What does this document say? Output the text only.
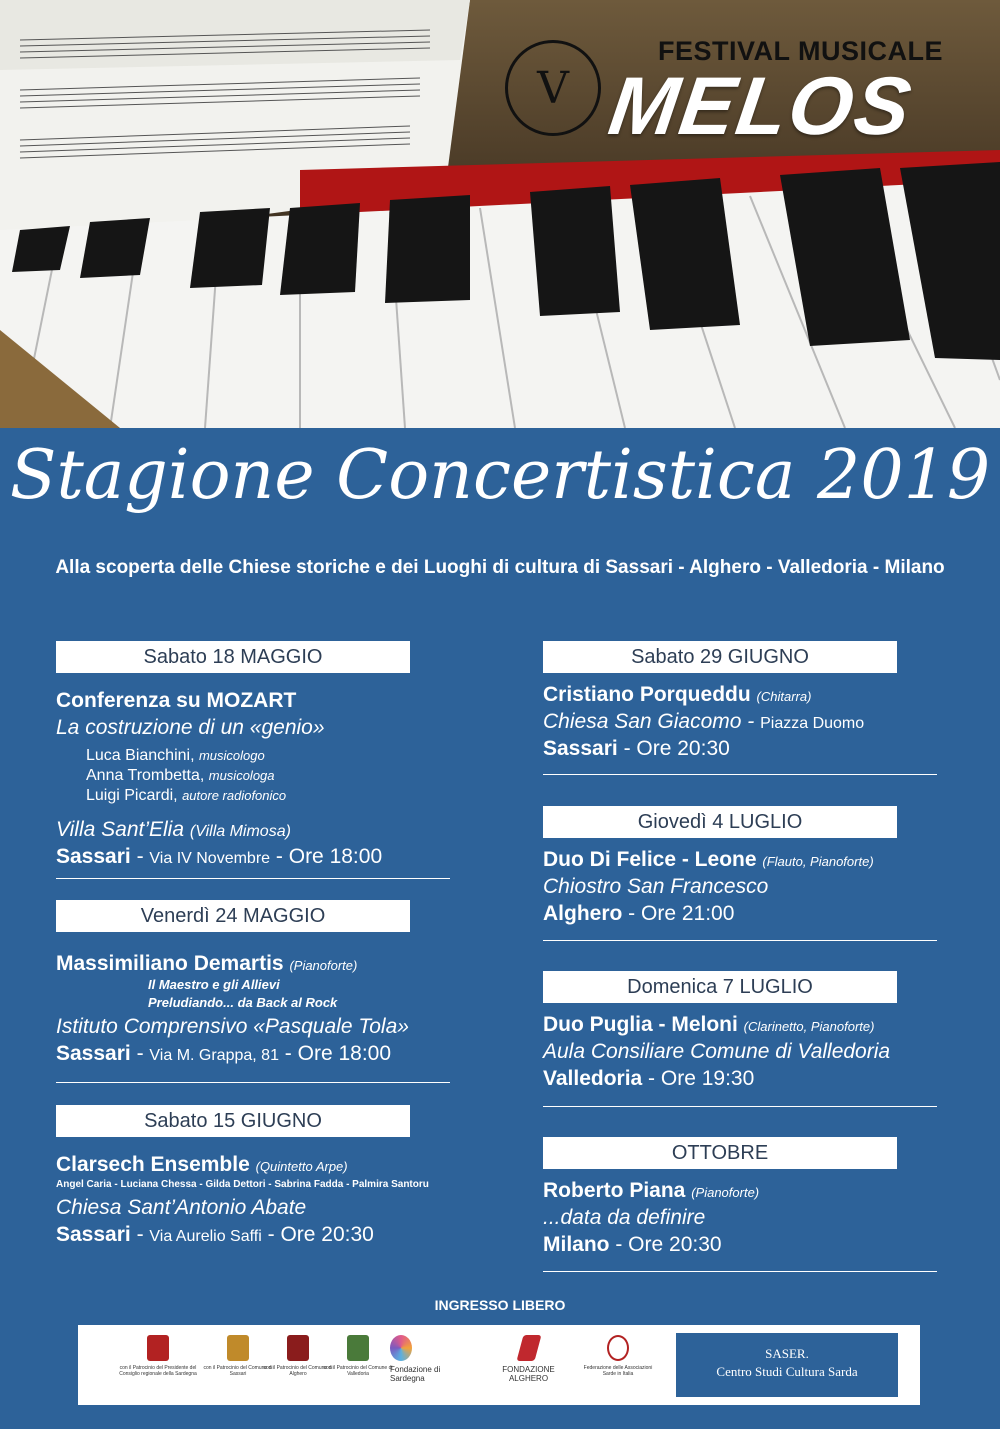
V
FESTIVAL MUSICALE
MELOS
Stagione Concertistica 2019
Alla scoperta delle Chiese storiche e dei Luoghi di cultura di Sassari - Alghero - Valledoria - Milano
Sabato 18 MAGGIO
Conferenza su MOZART
La costruzione di un «genio»
Luca Bianchini, musicologo
Anna Trombetta, musicologa
Luigi Picardi, autore radiofonico
Villa Sant’Elia (Villa Mimosa)
Sassari - Via IV Novembre - Ore 18:00
Venerdì 24 MAGGIO
Massimiliano Demartis (Pianoforte)
Il Maestro e gli Allievi
Preludiando... da Back al Rock
Istituto Comprensivo «Pasquale Tola»
Sassari - Via M. Grappa, 81 - Ore 18:00
Sabato 15 GIUGNO
Clarsech Ensemble (Quintetto Arpe)
Angel Caria - Luciana Chessa - Gilda Dettori - Sabrina Fadda - Palmira Santoru
Chiesa Sant’Antonio Abate
Sassari - Via Aurelio Saffi - Ore 20:30
Sabato 29 GIUGNO
Cristiano Porqueddu (Chitarra)
Chiesa San Giacomo - Piazza Duomo
Sassari - Ore 20:30
Giovedì 4 LUGLIO
Duo Di Felice - Leone (Flauto, Pianoforte)
Chiostro San Francesco
Alghero - Ore 21:00
Domenica 7 LUGLIO
Duo Puglia - Meloni (Clarinetto, Pianoforte)
Aula Consiliare Comune di Valledoria
Valledoria - Ore 19:30
OTTOBRE
Roberto Piana (Pianoforte)
...data da definire
Milano - Ore 20:30
INGRESSO LIBERO
con il Patrocinio del Presidente del Consiglio regionale della Sardegna
con il Patrocinio del Comune di Sassari
con il Patrocinio del Comune di Alghero
con il Patrocinio del Comune di Valledoria	Fondazione di Sardegna
FONDAZIONE ALGHERO
Federazione delle Associazioni Sarde in Italia
SASER.
Centro Studi Cultura Sarda
